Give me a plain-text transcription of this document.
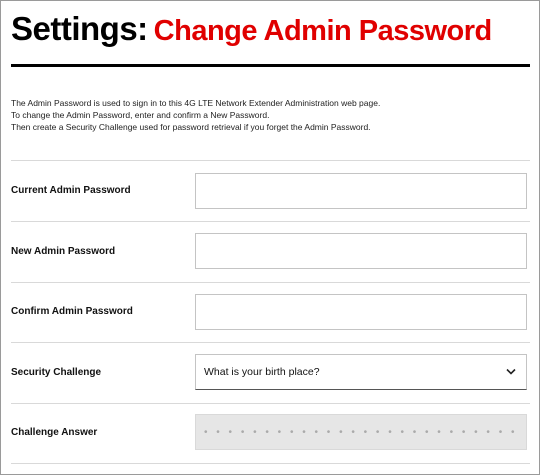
Settings: Change Admin Password
The Admin Password is used to sign in to this 4G LTE Network Extender Administration web page.
To change the Admin Password, enter and confirm a New Password.
Then create a Security Challenge used for password retrieval if you forget the Admin Password.
Current Admin Password
New Admin Password
Confirm Admin Password
Security Challenge	What is your birth place?
Challenge Answer
• • • • • • • • • • • • • • • • • • • • • • • • • • • • • • • • •
